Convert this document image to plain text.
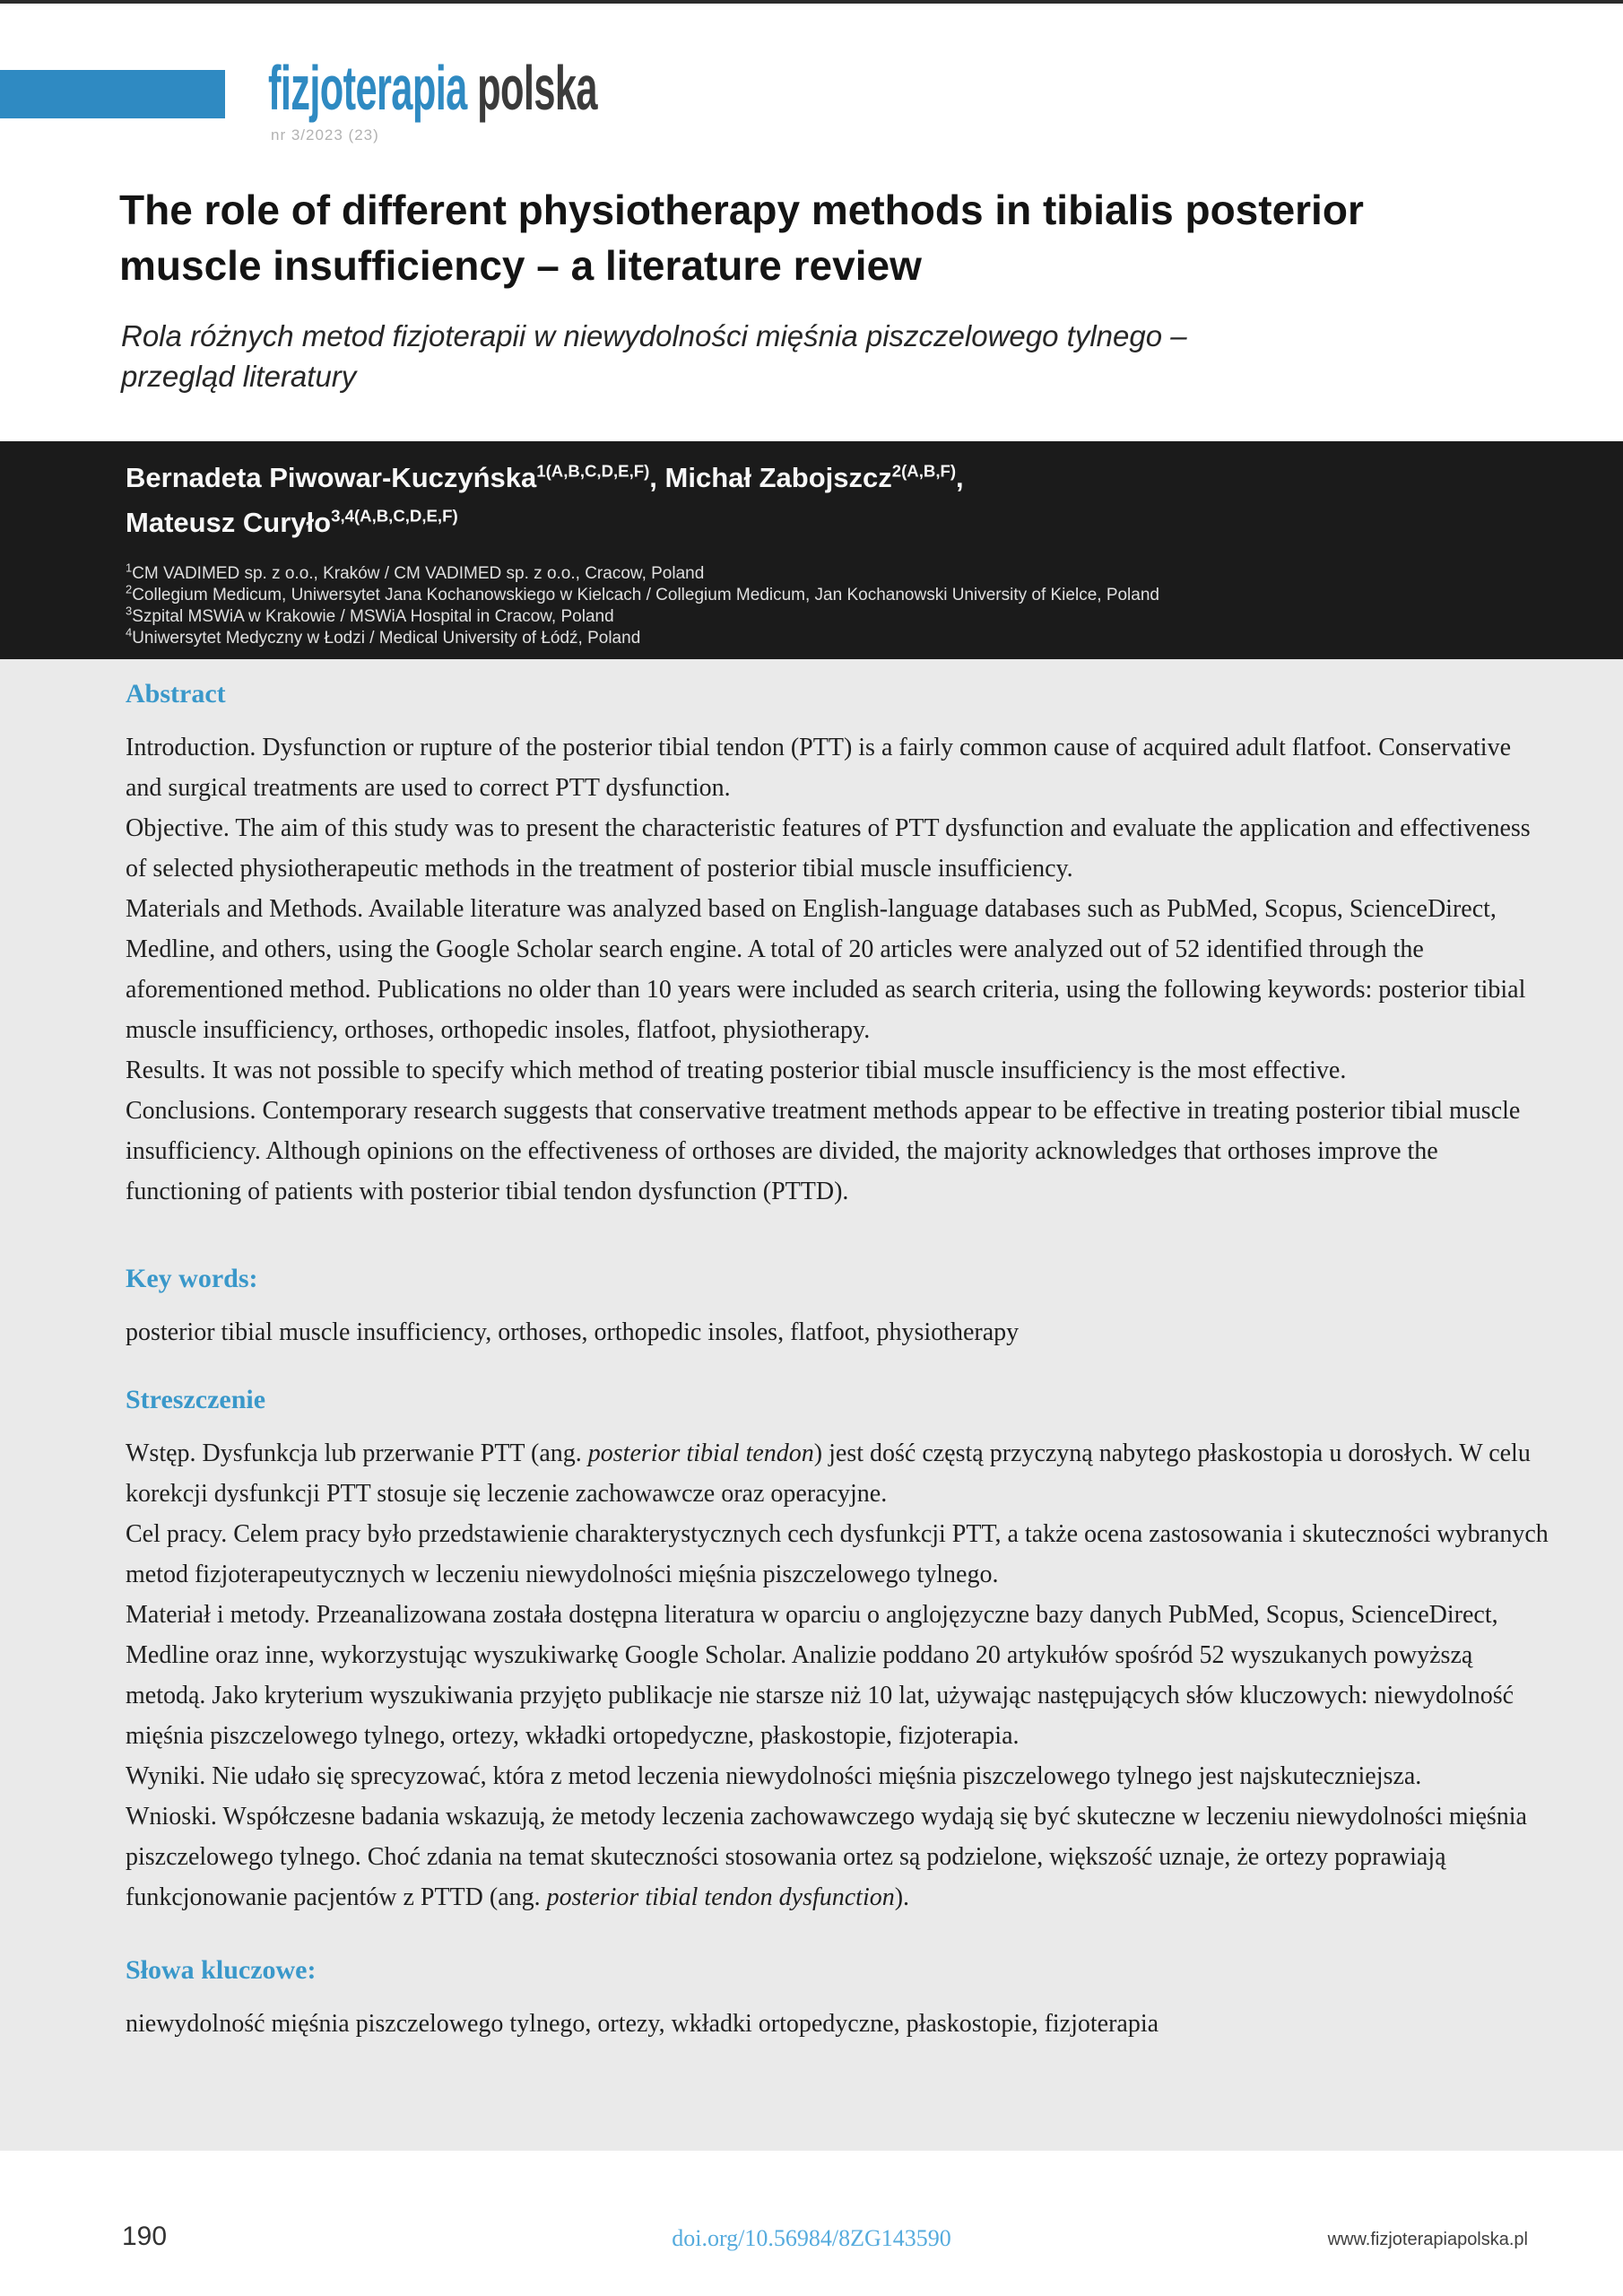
fizjoterapia polska
nr 3/2023 (23)
The role of different physiotherapy methods in tibialis posterior muscle insufficiency – a literature review
Rola różnych metod fizjoterapii w niewydolności mięśnia piszczelowego tylnego – przegląd literatury
Bernadeta Piwowar-Kuczyńska$^{1(A,B,C,D,E,F)}$, Michał Zabojszcz$^{2(A,B,F)}$,
Mateusz Curyło$^{3,4(A,B,C,D,E,F)}$
$^1$CM VADIMED sp. z o.o., Kraków / CM VADIMED sp. z o.o., Cracow, Poland
$^2$Collegium Medicum, Uniwersytet Jana Kochanowskiego w Kielcach / Collegium Medicum, Jan Kochanowski University of Kielce, Poland
$^3$Szpital MSWiA w Krakowie / MSWiA Hospital in Cracow, Poland
$^4$Uniwersytet Medyczny w Łodzi / Medical University of Łódź, Poland
Abstract

Introduction. Dysfunction or rupture of the posterior tibial tendon (PTT) is a fairly common cause of acquired adult flatfoot. Conservative and surgical treatments are used to correct PTT dysfunction.

Objective. The aim of this study was to present the characteristic features of PTT dysfunction and evaluate the application and effectiveness of selected physiotherapeutic methods in the treatment of posterior tibial muscle insufficiency.

Materials and Methods. Available literature was analyzed based on English-language databases such as PubMed, Scopus, ScienceDirect, Medline, and others, using the Google Scholar search engine. A total of 20 articles were analyzed out of 52 identified through the aforementioned method. Publications no older than 10 years were included as search criteria, using the following keywords: posterior tibial muscle insufficiency, orthoses, orthopedic insoles, flatfoot, physiotherapy.

Results. It was not possible to specify which method of treating posterior tibial muscle insufficiency is the most effective.

Conclusions. Contemporary research suggests that conservative treatment methods appear to be effective in treating posterior tibial muscle insufficiency. Although opinions on the effectiveness of orthoses are divided, the majority acknowledges that orthoses improve the functioning of patients with posterior tibial tendon dysfunction (PTTD).

Key words:

posterior tibial muscle insufficiency, orthoses, orthopedic insoles, flatfoot, physiotherapy

Streszczenie

Wstęp. Dysfunkcja lub przerwanie PTT (ang. posterior tibial tendon) jest dość częstą przyczyną nabytego płaskostopia u dorosłych. W celu korekcji dysfunkcji PTT stosuje się leczenie zachowawcze oraz operacyjne.

Cel pracy. Celem pracy było przedstawienie charakterystycznych cech dysfunkcji PTT, a także ocena zastosowania i skuteczności wybranych metod fizjoterapeutycznych w leczeniu niewydolności mięśnia piszczelowego tylnego.

Materiał i metody. Przeanalizowana została dostępna literatura w oparciu o anglojęzyczne bazy danych PubMed, Scopus, ScienceDirect, Medline oraz inne, wykorzystując wyszukiwarkę Google Scholar. Analizie poddano 20 artykułów spośród 52 wyszukanych powyższą metodą. Jako kryterium wyszukiwania przyjęto publikacje nie starsze niż 10 lat, używając następujących słów kluczowych: niewydolność mięśnia piszczelowego tylnego, ortezy, wkładki ortopedyczne, płaskostopie, fizjoterapia.

Wyniki. Nie udało się sprecyzować, która z metod leczenia niewydolności mięśnia piszczelowego tylnego jest najskuteczniejsza.

Wnioski. Współczesne badania wskazują, że metody leczenia zachowawczego wydają się być skuteczne w leczeniu niewydolności mięśnia piszczelowego tylnego. Choć zdania na temat skuteczności stosowania ortez są podzielone, większość uznaje, że ortezy poprawiają funkcjonowanie pacjentów z PTTD (ang. posterior tibial tendon dysfunction).

Słowa kluczowe:

niewydolność mięśnia piszczelowego tylnego, ortezy, wkładki ortopedyczne, płaskostopie, fizjoterapia

190	doi.org/10.56984/8ZG143590	www.fizjoterapiapolska.pl
